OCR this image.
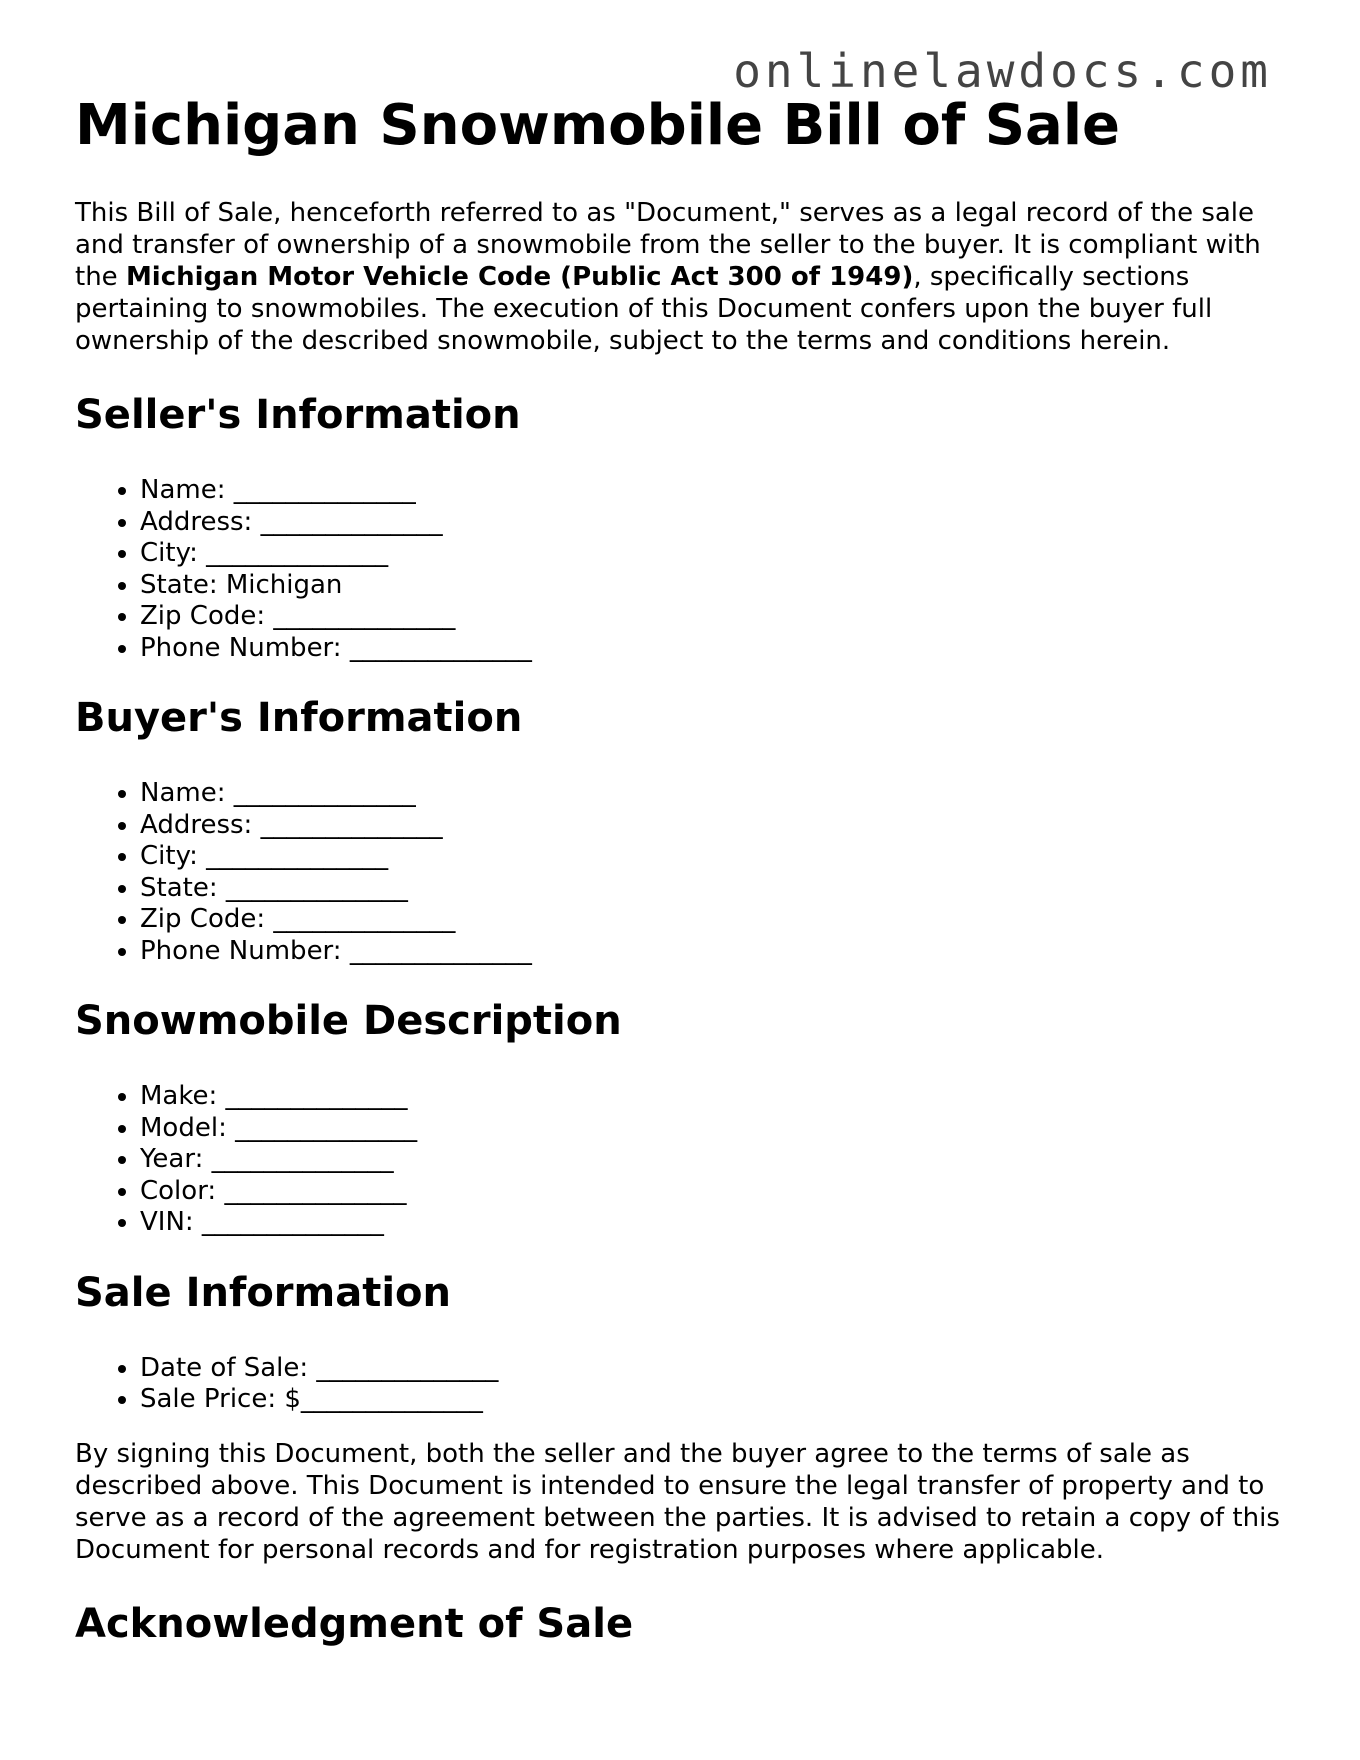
onlinelawdocs.com
Michigan Snowmobile Bill of Sale

This Bill of Sale, henceforth referred to as "Document," serves as a legal record of the sale and transfer of ownership of a snowmobile from the seller to the buyer. It is compliant with the Michigan Motor Vehicle Code (Public Act 300 of 1949), specifically sections pertaining to snowmobiles. The execution of this Document confers upon the buyer full ownership of the described snowmobile, subject to the terms and conditions herein.

Seller's Information
• Name: ______________
• Address: ______________
• City: ______________
• State: Michigan
• Zip Code: ______________
• Phone Number: ______________
Buyer's Information
• Name: ______________
• Address: ______________
• City: ______________
• State: ______________
• Zip Code: ______________
• Phone Number: ______________
Snowmobile Description
• Make: ______________
• Model: ______________
• Year: ______________
• Color: ______________
• VIN: ______________
Sale Information
• Date of Sale: ______________
• Sale Price: $______________

By signing this Document, both the seller and the buyer agree to the terms of sale as described above. This Document is intended to ensure the legal transfer of property and to serve as a record of the agreement between the parties. It is advised to retain a copy of this Document for personal records and for registration purposes where applicable.

Acknowledgment of Sale
